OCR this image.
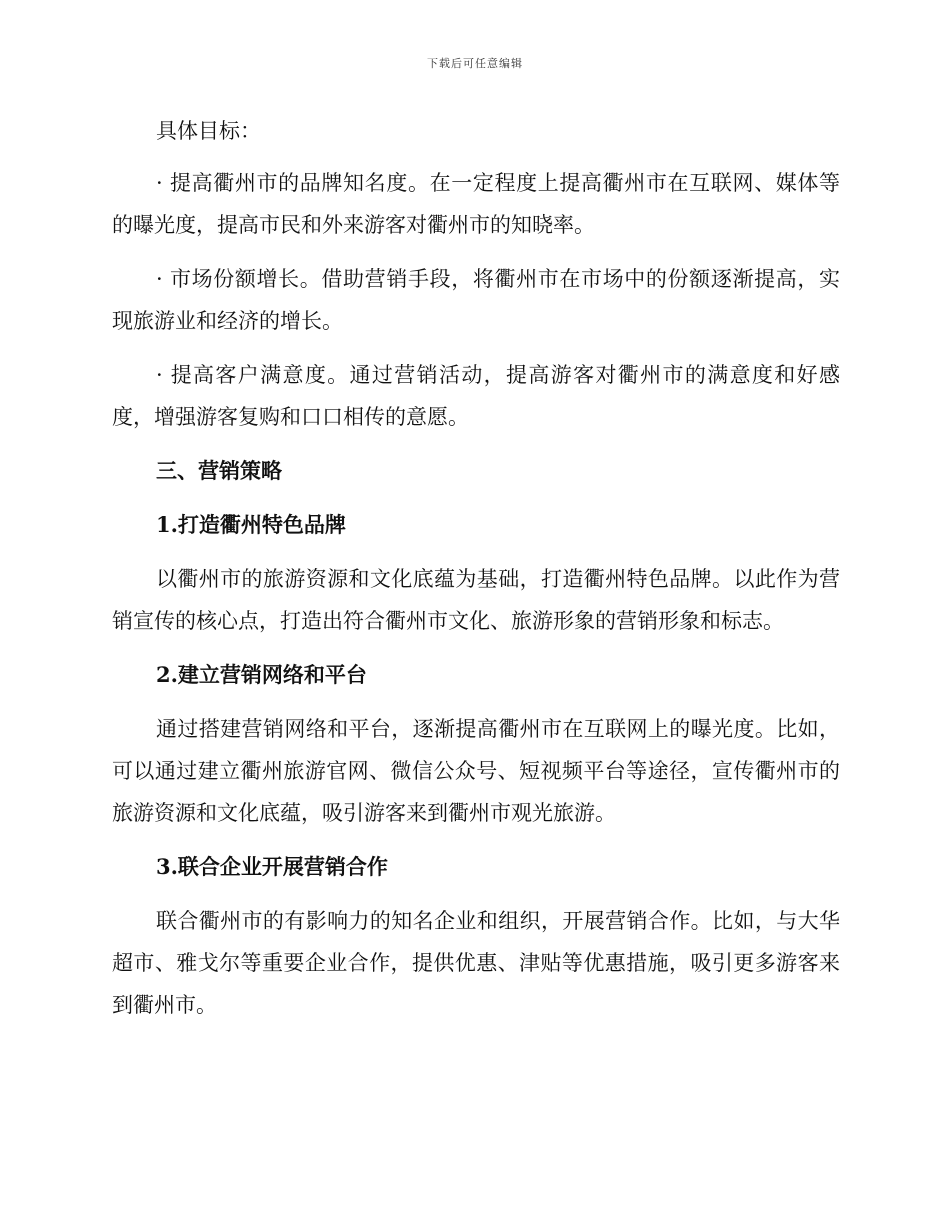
下载后可任意编辑

具体目标：

· 提高衢州市的品牌知名度。在一定程度上提高衢州市在互联网、媒体等的曝光度，提高市民和外来游客对衢州市的知晓率。

· 市场份额增长。借助营销手段，将衢州市在市场中的份额逐渐提高，实现旅游业和经济的增长。

· 提高客户满意度。通过营销活动，提高游客对衢州市的满意度和好感度，增强游客复购和口口相传的意愿。

三、营销策略

1.打造衢州特色品牌

以衢州市的旅游资源和文化底蕴为基础，打造衢州特色品牌。以此作为营销宣传的核心点，打造出符合衢州市文化、旅游形象的营销形象和标志。

2.建立营销网络和平台

通过搭建营销网络和平台，逐渐提高衢州市在互联网上的曝光度。比如，可以通过建立衢州旅游官网、微信公众号、短视频平台等途径，宣传衢州市的旅游资源和文化底蕴，吸引游客来到衢州市观光旅游。

3.联合企业开展营销合作

联合衢州市的有影响力的知名企业和组织，开展营销合作。比如，与大华超市、雅戈尔等重要企业合作，提供优惠、津贴等优惠措施，吸引更多游客来到衢州市。
